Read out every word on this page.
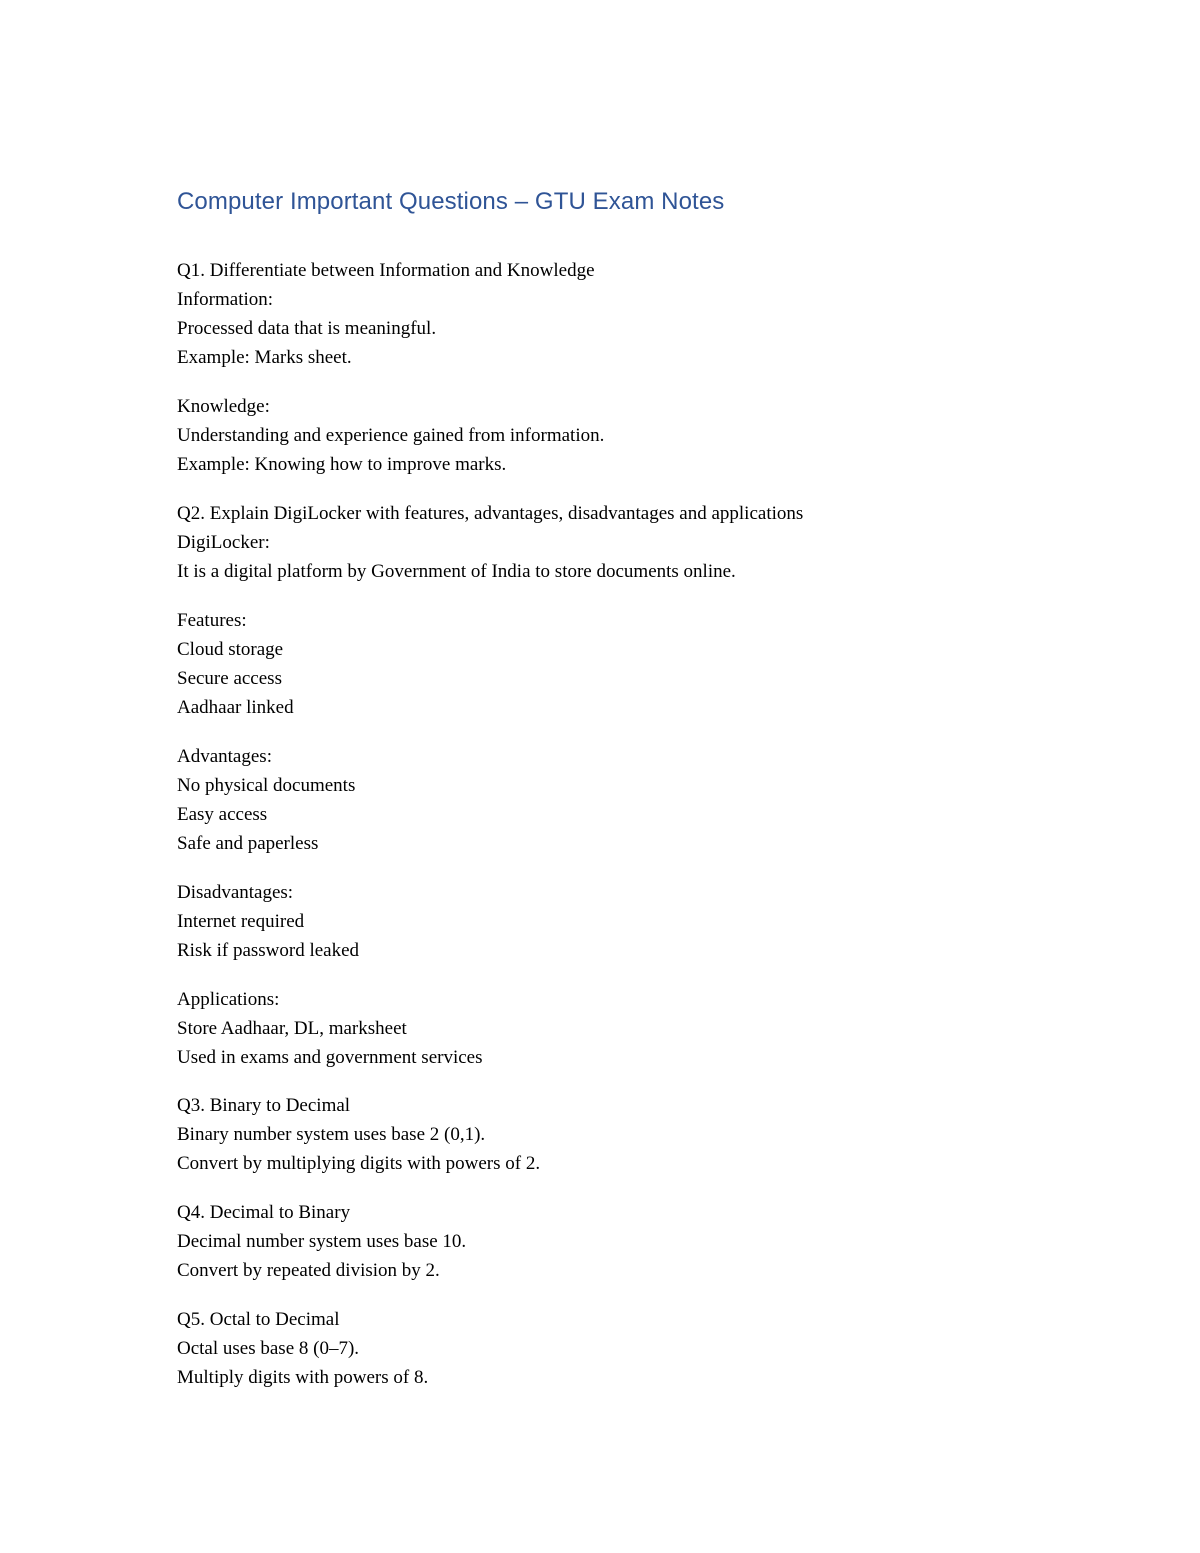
Computer Important Questions – GTU Exam Notes

Q1. Differentiate between Information and Knowledge

Information:

Processed data that is meaningful.

Example: Marks sheet.

Knowledge:

Understanding and experience gained from information.

Example: Knowing how to improve marks.

Q2. Explain DigiLocker with features, advantages, disadvantages and applications

DigiLocker:

It is a digital platform by Government of India to store documents online.

Features:

Cloud storage

Secure access

Aadhaar linked

Advantages:

No physical documents

Easy access

Safe and paperless

Disadvantages:

Internet required

Risk if password leaked

Applications:

Store Aadhaar, DL, marksheet

Used in exams and government services

Q3. Binary to Decimal

Binary number system uses base 2 (0,1).

Convert by multiplying digits with powers of 2.

Q4. Decimal to Binary

Decimal number system uses base 10.

Convert by repeated division by 2.

Q5. Octal to Decimal

Octal uses base 8 (0–7).

Multiply digits with powers of 8.
